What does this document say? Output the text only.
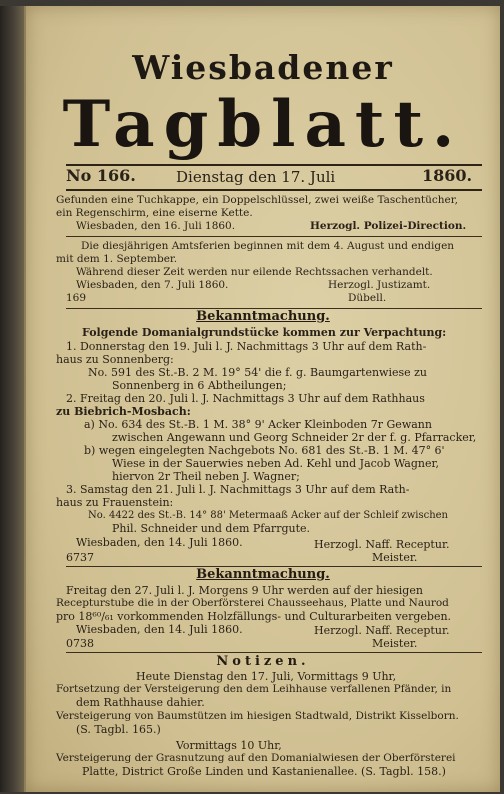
Wiesbadener
Tagblatt.
No 166.	Dienstag den 17. Juli	1860.
Gefunden eine Tuchkappe, ein Doppelschlüssel, zwei weiße Taschentücher,
ein Regenschirm, eine eiserne Kette.
Wiesbaden, den 16. Juli 1860.	Herzogl. Polizei-Direction.
Die diesjährigen Amtsferien beginnen mit dem 4. August und endigen
mit dem 1. September.
Während dieser Zeit werden nur eilende Rechtssachen verhandelt.
Wiesbaden, den 7. Juli 1860.	Herzogl. Justizamt.
169	Dübell.
Bekanntmachung.
Folgende Domanialgrundstücke kommen zur Verpachtung:
1. Donnerstag den 19. Juli l. J. Nachmittags 3 Uhr auf dem Rath-
haus zu Sonnenberg:
No. 591 des St.-B. 2 M. 19° 54' die f. g. Baumgartenwiese zu
Sonnenberg in 6 Abtheilungen;
2. Freitag den 20. Juli l. J. Nachmittags 3 Uhr auf dem Rathhaus
zu Biebrich-Mosbach:
a) No. 634 des St.-B. 1 M. 38° 9' Acker Kleinboden 7r Gewann
zwischen Angewann und Georg Schneider 2r der f. g. Pfarracker,
b) wegen eingelegten Nachgebots No. 681 des St.-B. 1 M. 47° 6'
Wiese in der Sauerwies neben Ad. Kehl und Jacob Wagner,
hiervon 2r Theil neben J. Wagner;
3. Samstag den 21. Juli l. J. Nachmittags 3 Uhr auf dem Rath-
haus zu Frauenstein:
No. 4422 des St.-B. 14° 88' Metermaaß Acker auf der Schleif zwischen
Phil. Schneider und dem Pfarrgute.
Wiesbaden, den 14. Juli 1860.	Herzogl. Naff. Receptur.
6737	Meister.
Bekanntmachung.
Freitag den 27. Juli l. J. Morgens 9 Uhr werden auf der hiesigen
Recepturstube die in der Oberförsterei Chausseehaus, Platte und Naurod
pro 18⁶⁰/₆₁ vorkommenden Holzfällungs- und Culturarbeiten vergeben.
Wiesbaden, den 14. Juli 1860.	Herzogl. Naff. Receptur.
0738	Meister.
Notizen.
Heute Dienstag den 17. Juli, Vormittags 9 Uhr,
Fortsetzung der Versteigerung den dem Leihhause verfallenen Pfänder, in
dem Rathhause dahier.
Versteigerung von Baumstützen im hiesigen Stadtwald, Distrikt Kisselborn.
(S. Tagbl. 165.)
Vormittags 10 Uhr,
Versteigerung der Grasnutzung auf den Domanialwiesen der Oberförsterei
Platte, District Große Linden und Kastanienallee. (S. Tagbl. 158.)
